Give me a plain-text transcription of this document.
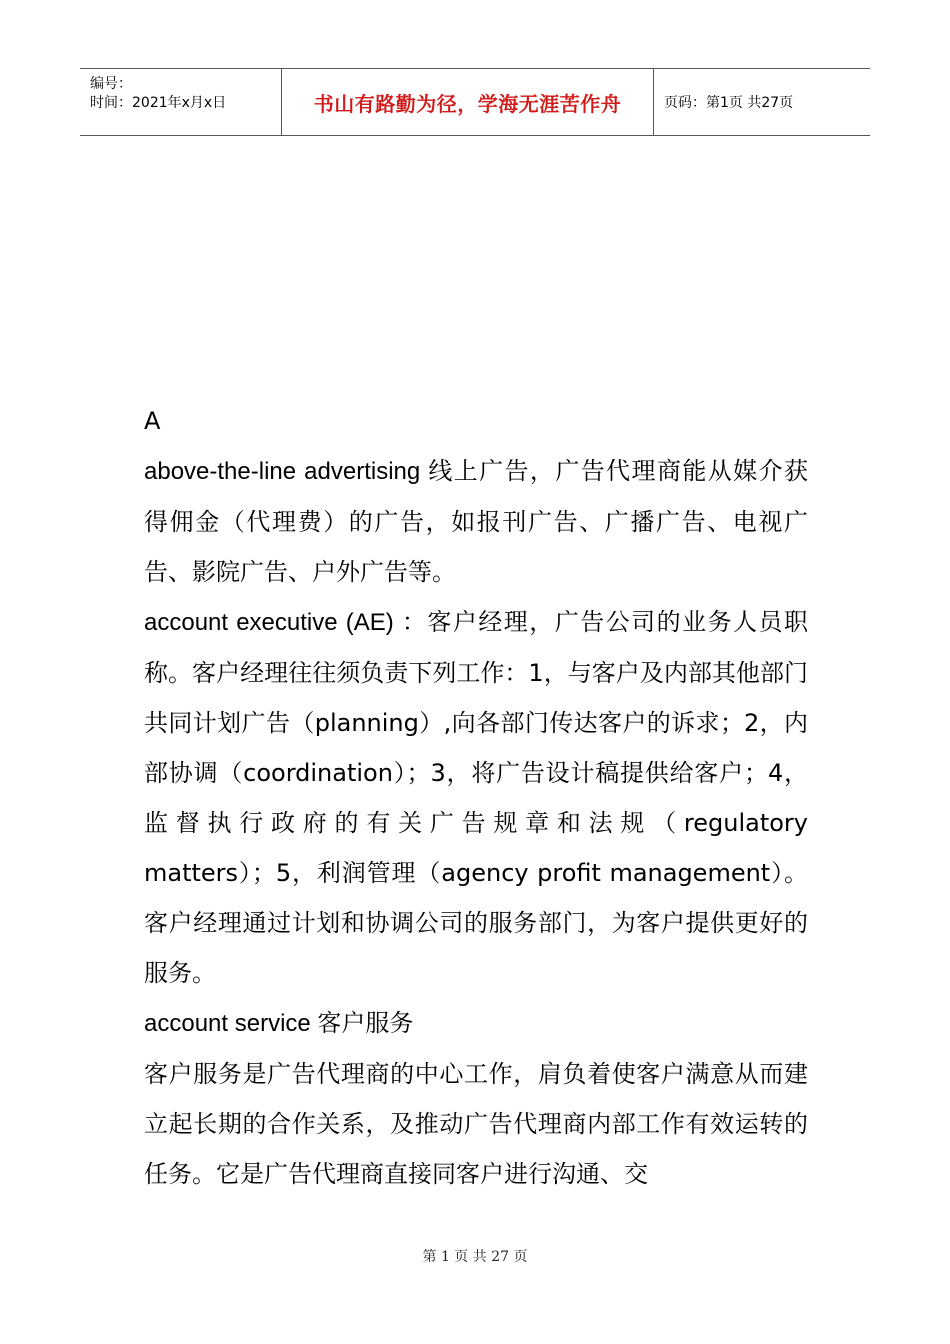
编号：
时间：2021年x月x日	书山有路勤为径，学海无涯苦作舟	页码：第1页 共27页

A

above-the-line advertising 线上广告，广告代理商能从媒介获得佣金（代理费）的广告，如报刊广告、广播广告、电视广告、影院广告、户外广告等。

account executive (AE) ：客户经理，广告公司的业务人员职称。客户经理往往须负责下列工作：1，与客户及内部其他部门共同计划广告（planning）,向各部门传达客户的诉求；2，内部协调（coordination）；3，将广告设计稿提供给客户；4，监督执行政府的有关广告规章和法规（regulatory matters）；5，利润管理（agency profit management）。客户经理通过计划和协调公司的服务部门，为客户提供更好的服务。

account service 客户服务

客户服务是广告代理商的中心工作，肩负着使客户满意从而建立起长期的合作关系，及推动广告代理商内部工作有效运转的任务。它是广告代理商直接同客户进行沟通、交

第 1 页 共 27 页
